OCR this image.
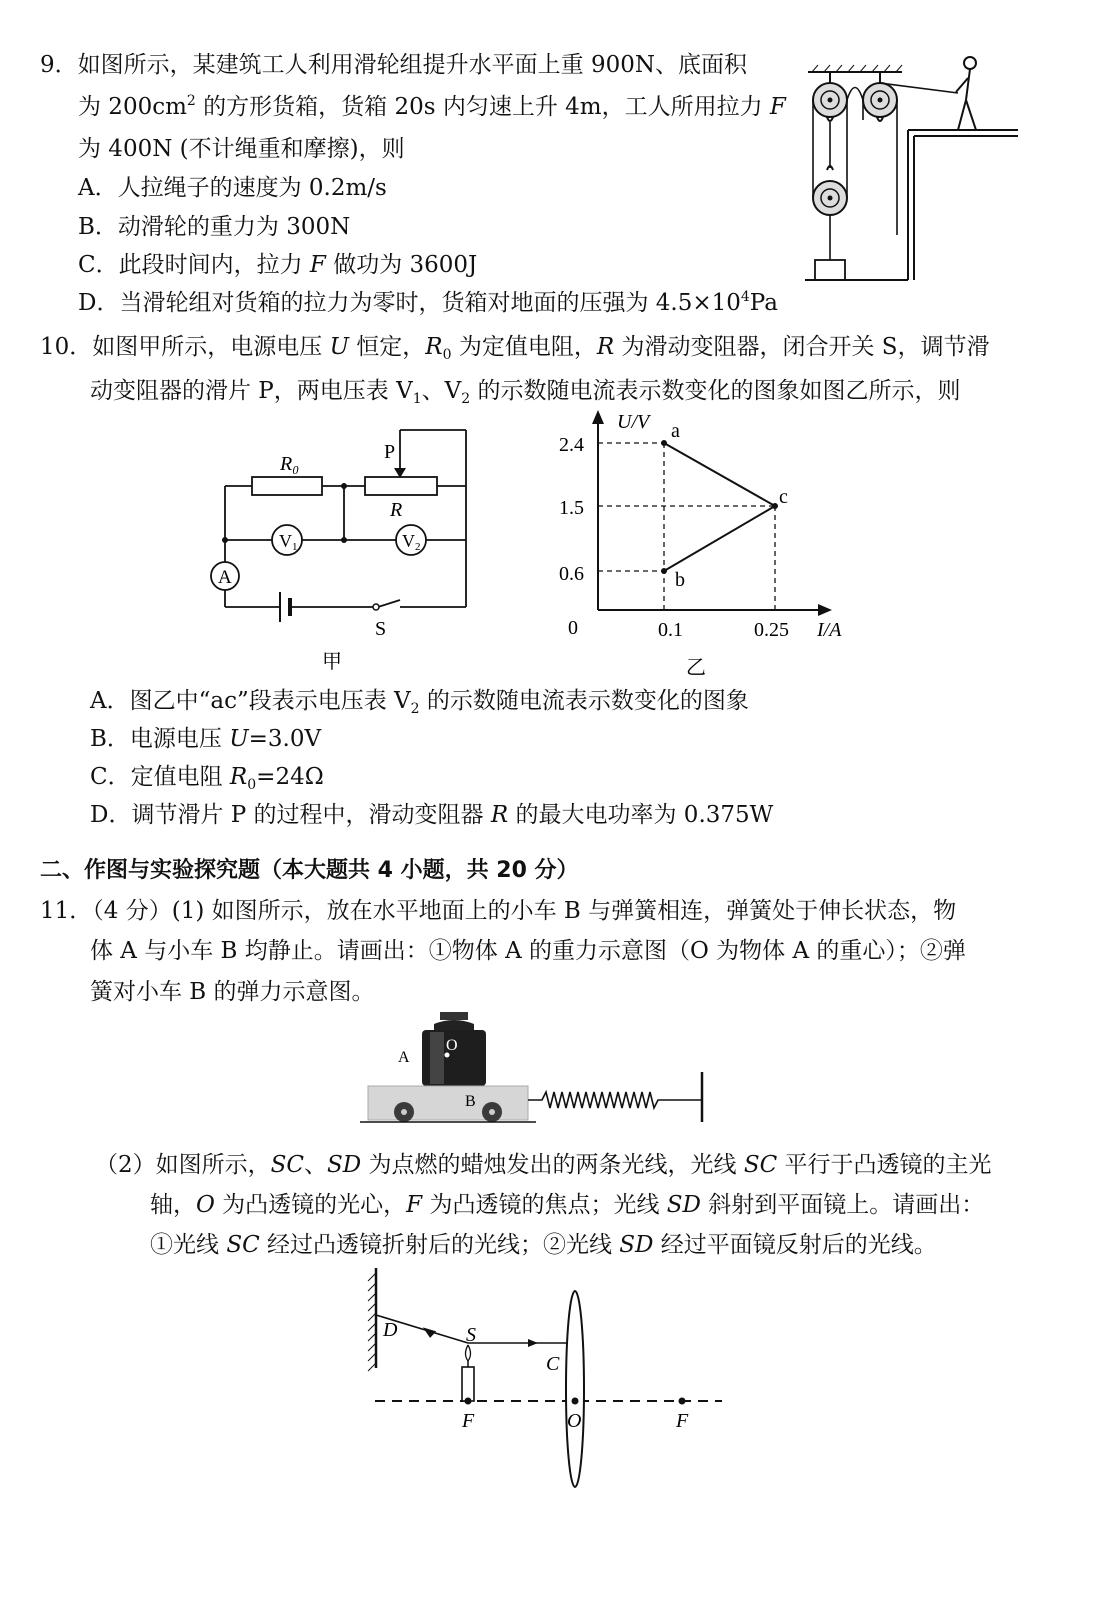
9．如图所示，某建筑工人利用滑轮组提升水平面上重 900N、底面积
为 $200cm^2$ 的方形货箱，货箱 20s 内匀速上升 4m，工人所用拉力 F
为 400N (不计绳重和摩擦)，则
A．人拉绳子的速度为 0.2m/s
B．动滑轮的重力为 300N
C．此段时间内，拉力 F 做功为 3600J
D．当滑轮组对货箱的拉力为零时，货箱对地面的压强为 $4.5\times 10^4Pa$
10．如图甲所示，电源电压 U 恒定，$R_0$ 为定值电阻，R 为滑动变阻器，闭合开关 S，调节滑
动变阻器的滑片 P，两电压表 $V_1$、$V_2$ 的示数随电流表示数变化的图象如图乙所示，则
R₀
R
P
V1	V2
A
S
甲
U/V
I/A
0
2.4
1.5
0.6
0.1	0.25
a
b
c
乙
A．图乙中“ac”段表示电压表 $V_2$ 的示数随电流表示数变化的图象
B．电源电压 U=3.0V
C．定值电阻 $R_0=24\Omega$
D．调节滑片 P 的过程中，滑动变阻器 R 的最大电功率为 0.375W
二、作图与实验探究题（本大题共 4 小题，共 20 分）
11．（4 分）(1) 如图所示，放在水平地面上的小车 B 与弹簧相连，弹簧处于伸长状态，物
体 A 与小车 B 均静止。请画出：①物体 A 的重力示意图（O 为物体 A 的重心）；②弹
簧对小车 B 的弹力示意图。
O
A
B
（2）如图所示，SC、SD 为点燃的蜡烛发出的两条光线，光线 SC 平行于凸透镜的主光
轴，O 为凸透镜的光心，F 为凸透镜的焦点；光线 SD 斜射到平面镜上。请画出：
①光线 SC 经过凸透镜折射后的光线；②光线 SD 经过平面镜反射后的光线。
D	S
C
F	O	F
